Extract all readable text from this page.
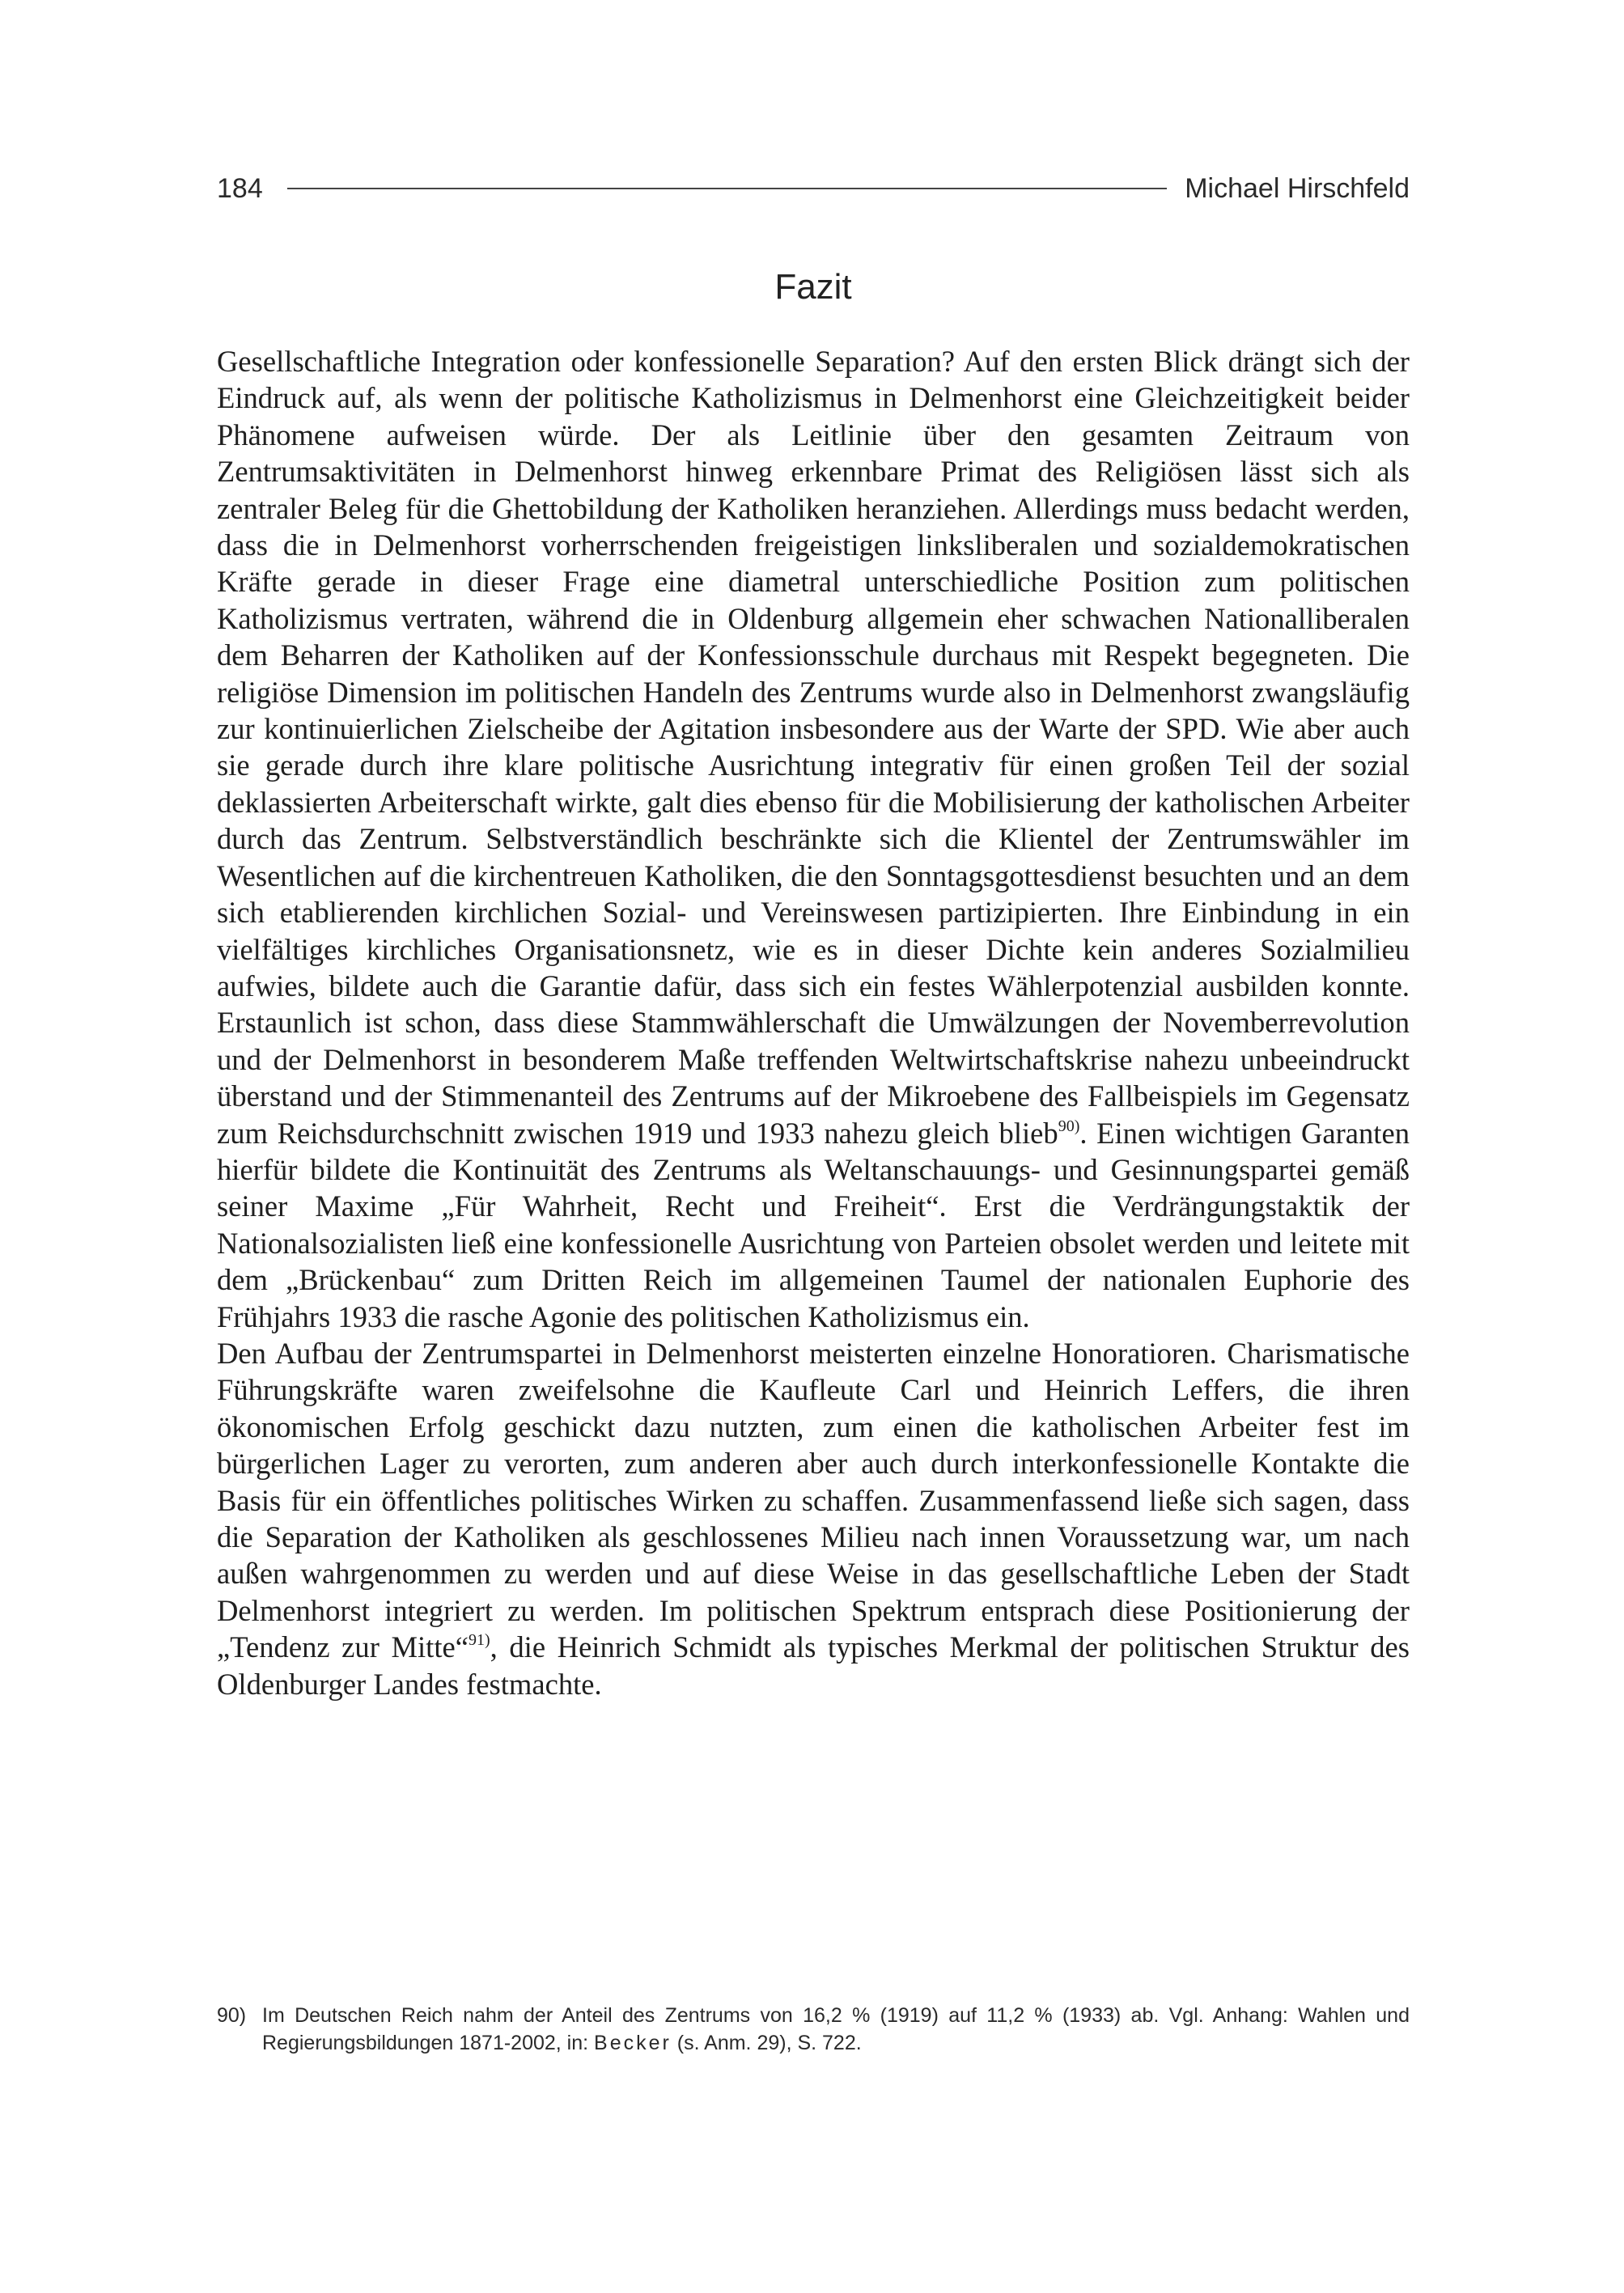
184	Michael Hirschfeld
Fazit

Gesellschaftliche Integration oder konfessionelle Separation? Auf den ersten Blick drängt sich der Eindruck auf, als wenn der politische Katholizismus in Delmenhorst eine Gleichzeitigkeit beider Phänomene aufweisen würde. Der als Leitlinie über den gesamten Zeitraum von Zentrumsaktivitäten in Delmenhorst hinweg erkennbare Primat des Religiösen lässt sich als zentraler Beleg für die Ghettobildung der Katholiken heranziehen. Allerdings muss bedacht werden, dass die in Delmenhorst vorherrschenden freigeistigen linksliberalen und sozialdemokratischen Kräfte gerade in dieser Frage eine diametral unterschiedliche Position zum politischen Katholizismus vertraten, während die in Oldenburg allgemein eher schwachen Nationalliberalen dem Beharren der Katholiken auf der Konfessionsschule durchaus mit Respekt begegneten. Die religiöse Dimension im politischen Handeln des Zentrums wurde also in Delmenhorst zwangsläufig zur kontinuierlichen Zielscheibe der Agitation insbesondere aus der Warte der SPD. Wie aber auch sie gerade durch ihre klare politische Ausrichtung integrativ für einen großen Teil der sozial deklassierten Arbeiterschaft wirkte, galt dies ebenso für die Mobilisierung der katholischen Arbeiter durch das Zentrum. Selbstverständlich beschränkte sich die Klientel der Zentrumswähler im Wesentlichen auf die kirchentreuen Katholiken, die den Sonntagsgottesdienst besuchten und an dem sich etablierenden kirchlichen Sozial- und Vereinswesen partizipierten. Ihre Einbindung in ein vielfältiges kirchliches Organisationsnetz, wie es in dieser Dichte kein anderes Sozialmilieu aufwies, bildete auch die Garantie dafür, dass sich ein festes Wählerpotenzial ausbilden konnte. Erstaunlich ist schon, dass diese Stammwählerschaft die Umwälzungen der Novemberrevolution und der Delmenhorst in besonderem Maße treffenden Weltwirtschaftskrise nahezu unbeeindruckt überstand und der Stimmenanteil des Zentrums auf der Mikroebene des Fallbeispiels im Gegensatz zum Reichsdurchschnitt zwischen 1919 und 1933 nahezu gleich blieb$^{90)}$. Einen wichtigen Garanten hierfür bildete die Kontinuität des Zentrums als Weltanschauungs- und Gesinnungspartei gemäß seiner Maxime „Für Wahrheit, Recht und Freiheit“. Erst die Verdrängungstaktik der Nationalsozialisten ließ eine konfessionelle Ausrichtung von Parteien obsolet werden und leitete mit dem „Brückenbau“ zum Dritten Reich im allgemeinen Taumel der nationalen Euphorie des Frühjahrs 1933 die rasche Agonie des politischen Katholizismus ein.

Den Aufbau der Zentrumspartei in Delmenhorst meisterten einzelne Honoratioren. Charismatische Führungskräfte waren zweifelsohne die Kaufleute Carl und Heinrich Leffers, die ihren ökonomischen Erfolg geschickt dazu nutzten, zum einen die katholischen Arbeiter fest im bürgerlichen Lager zu verorten, zum anderen aber auch durch interkonfessionelle Kontakte die Basis für ein öffentliches politisches Wirken zu schaffen. Zusammenfassend ließe sich sagen, dass die Separation der Katholiken als geschlossenes Milieu nach innen Voraussetzung war, um nach außen wahrgenommen zu werden und auf diese Weise in das gesellschaftliche Leben der Stadt Delmenhorst integriert zu werden. Im politischen Spektrum entsprach diese Positionierung der „Tendenz zur Mitte“$^{91)}$, die Heinrich Schmidt als typisches Merkmal der politischen Struktur des Oldenburger Landes festmachte.

90) Im Deutschen Reich nahm der Anteil des Zentrums von 16,2 % (1919) auf 11,2 % (1933) ab. Vgl. Anhang: Wahlen und Regierungsbildungen 1871-2002, in: Becker (s. Anm. 29), S. 722.
